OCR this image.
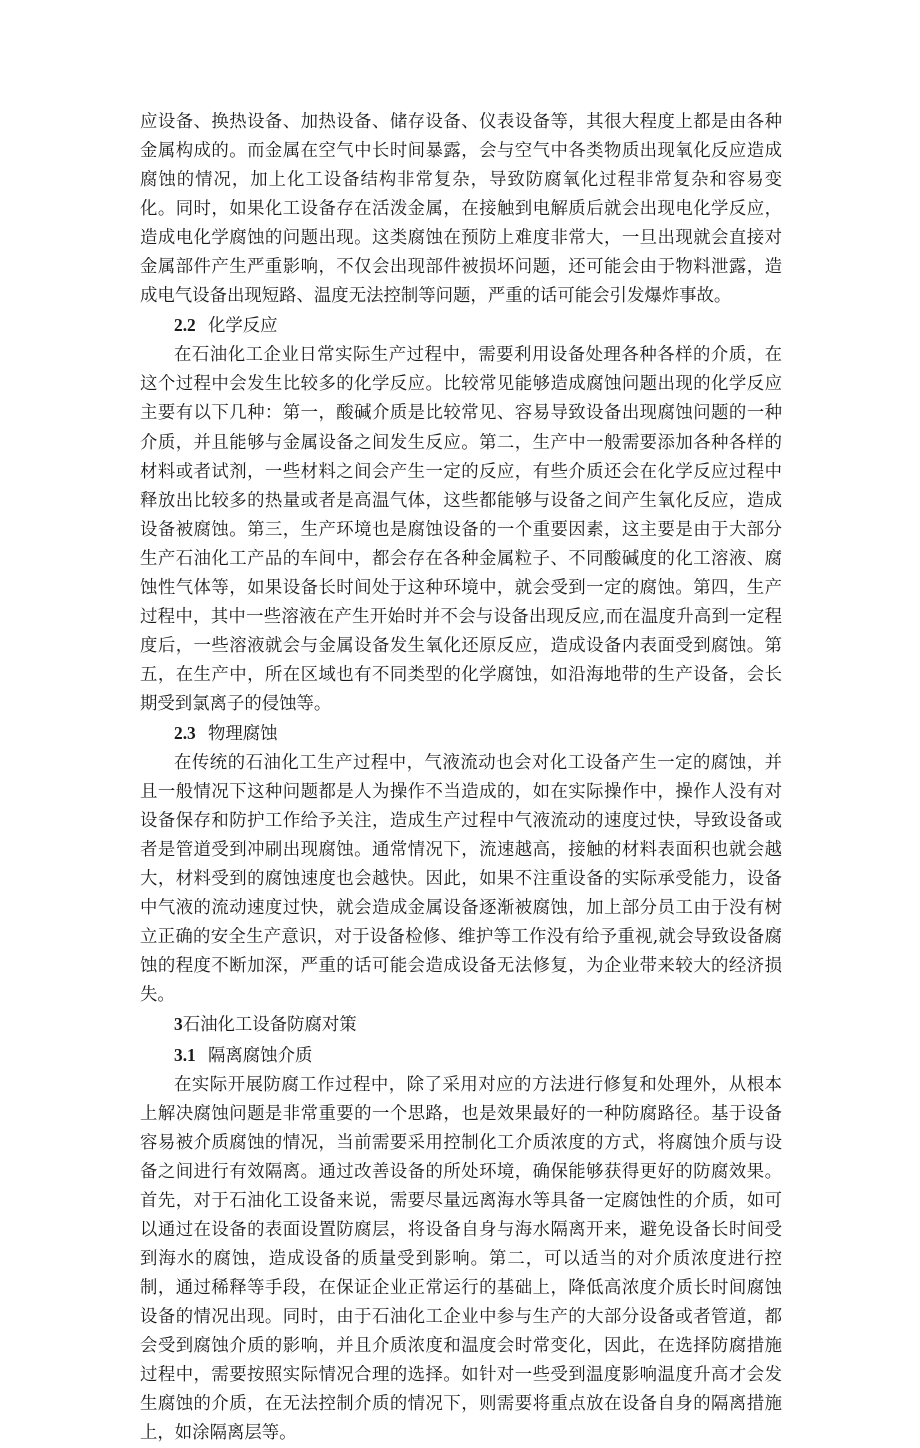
应设备、换热设备、加热设备、储存设备、仪表设备等，其很大程度上都是由各种金属构成的。而金属在空气中长时间暴露，会与空气中各类物质出现氧化反应造成腐蚀的情况，加上化工设备结构非常复杂，导致防腐氧化过程非常复杂和容易变化。同时，如果化工设备存在活泼金属，在接触到电解质后就会出现电化学反应，造成电化学腐蚀的问题出现。这类腐蚀在预防上难度非常大，一旦出现就会直接对金属部件产生严重影响，不仅会出现部件被损坏问题，还可能会由于物料泄露，造成电气设备出现短路、温度无法控制等问题，严重的话可能会引发爆炸事故。

2.2 化学反应

在石油化工企业日常实际生产过程中，需要利用设备处理各种各样的介质，在这个过程中会发生比较多的化学反应。比较常见能够造成腐蚀问题出现的化学反应主要有以下几种：第一，酸碱介质是比较常见、容易导致设备出现腐蚀问题的一种介质，并且能够与金属设备之间发生反应。第二，生产中一般需要添加各种各样的材料或者试剂，一些材料之间会产生一定的反应，有些介质还会在化学反应过程中释放出比较多的热量或者是高温气体，这些都能够与设备之间产生氧化反应，造成设备被腐蚀。第三，生产环境也是腐蚀设备的一个重要因素，这主要是由于大部分生产石油化工产品的车间中，都会存在各种金属粒子、不同酸碱度的化工溶液、腐蚀性气体等，如果设备长时间处于这种环境中，就会受到一定的腐蚀。第四，生产过程中，其中一些溶液在产生开始时并不会与设备出现反应,而在温度升高到一定程度后，一些溶液就会与金属设备发生氧化还原反应，造成设备内表面受到腐蚀。第五，在生产中，所在区域也有不同类型的化学腐蚀，如沿海地带的生产设备，会长期受到氯离子的侵蚀等。

2.3 物理腐蚀

在传统的石油化工生产过程中，气液流动也会对化工设备产生一定的腐蚀，并且一般情况下这种问题都是人为操作不当造成的，如在实际操作中，操作人没有对设备保存和防护工作给予关注，造成生产过程中气液流动的速度过快，导致设备或者是管道受到冲刷出现腐蚀。通常情况下，流速越高，接触的材料表面积也就会越大，材料受到的腐蚀速度也会越快。因此，如果不注重设备的实际承受能力，设备中气液的流动速度过快，就会造成金属设备逐渐被腐蚀，加上部分员工由于没有树立正确的安全生产意识，对于设备检修、维护等工作没有给予重视,就会导致设备腐蚀的程度不断加深，严重的话可能会造成设备无法修复，为企业带来较大的经济损失。

3石油化工设备防腐对策
3.1 隔离腐蚀介质

在实际开展防腐工作过程中，除了采用对应的方法进行修复和处理外，从根本上解决腐蚀问题是非常重要的一个思路，也是效果最好的一种防腐路径。基于设备容易被介质腐蚀的情况，当前需要采用控制化工介质浓度的方式，将腐蚀介质与设备之间进行有效隔离。通过改善设备的所处环境，确保能够获得更好的防腐效果。首先，对于石油化工设备来说，需要尽量远离海水等具备一定腐蚀性的介质，如可以通过在设备的表面设置防腐层，将设备自身与海水隔离开来，避免设备长时间受到海水的腐蚀，造成设备的质量受到影响。第二，可以适当的对介质浓度进行控制，通过稀释等手段，在保证企业正常运行的基础上，降低高浓度介质长时间腐蚀设备的情况出现。同时，由于石油化工企业中参与生产的大部分设备或者管道，都会受到腐蚀介质的影响，并且介质浓度和温度会时常变化，因此，在选择防腐措施过程中，需要按照实际情况合理的选择。如针对一些受到温度影响温度升高才会发生腐蚀的介质，在无法控制介质的情况下，则需要将重点放在设备自身的隔离措施上，如涂隔离层等。
